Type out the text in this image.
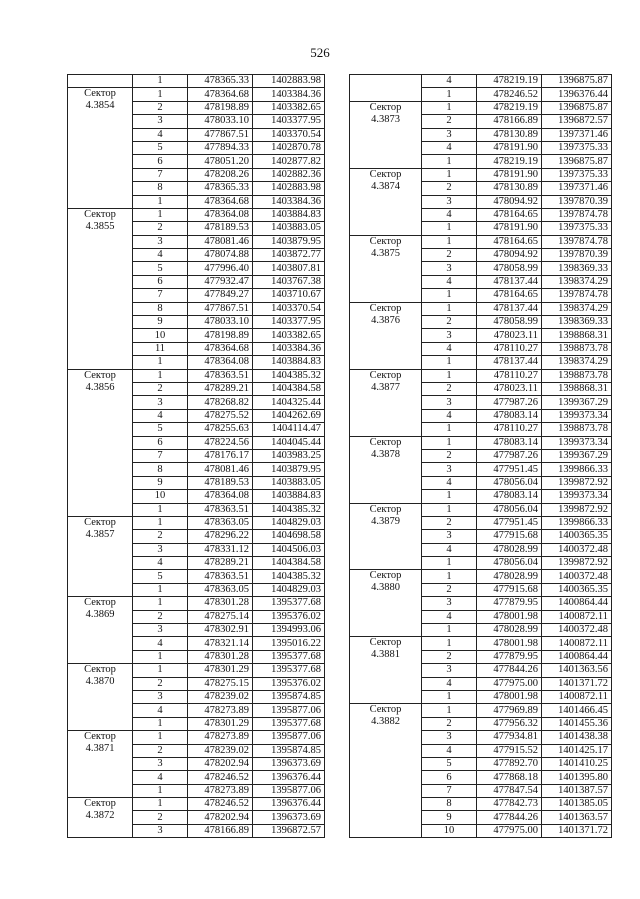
526
	1	478365.33	1402883.98

Сектор
4.3854	1	478364.68	1403384.36
	2	478198.89	1403382.65
	3	478033.10	1403377.95
	4	477867.51	1403370.54
	5	477894.33	1402870.78
	6	478051.20	1402877.82
	7	478208.26	1402882.36
	8	478365.33	1402883.98
	1	478364.68	1403384.36

Сектор
4.3855	1	478364.08	1403884.83
	2	478189.53	1403883.05
	3	478081.46	1403879.95
	4	478074.88	1403872.77
	5	477996.40	1403807.81
	6	477932.47	1403767.38
	7	477849.27	1403710.67
	8	477867.51	1403370.54
	9	478033.10	1403377.95
	10	478198.89	1403382.65
	11	478364.68	1403384.36
	1	478364.08	1403884.83

Сектор
4.3856	1	478363.51	1404385.32
	2	478289.21	1404384.58
	3	478268.82	1404325.44
	4	478275.52	1404262.69
	5	478255.63	1404114.47
	6	478224.56	1404045.44
	7	478176.17	1403983.25
	8	478081.46	1403879.95
	9	478189.53	1403883.05
	10	478364.08	1403884.83
	1	478363.51	1404385.32

Сектор
4.3857	1	478363.05	1404829.03
	2	478296.22	1404698.58
	3	478331.12	1404506.03
	4	478289.21	1404384.58
	5	478363.51	1404385.32
	1	478363.05	1404829.03

Сектор
4.3869	1	478301.28	1395377.68
	2	478275.14	1395376.02
	3	478302.91	1394993.06
	4	478321.14	1395016.22
	1	478301.28	1395377.68

Сектор
4.3870	1	478301.29	1395377.68
	2	478275.15	1395376.02
	3	478239.02	1395874.85
	4	478273.89	1395877.06
	1	478301.29	1395377.68

Сектор
4.3871	1	478273.89	1395877.06
	2	478239.02	1395874.85
	3	478202.94	1396373.69
	4	478246.52	1396376.44
	1	478273.89	1395877.06

Сектор
4.3872	1	478246.52	1396376.44
	2	478202.94	1396373.69
	3	478166.89	1396872.57
	4	478219.19	1396875.87
	1	478246.52	1396376.44

Сектор
4.3873	1	478219.19	1396875.87
	2	478166.89	1396872.57
	3	478130.89	1397371.46
	4	478191.90	1397375.33
	1	478219.19	1396875.87

Сектор
4.3874	1	478191.90	1397375.33
	2	478130.89	1397371.46
	3	478094.92	1397870.39
	4	478164.65	1397874.78
	1	478191.90	1397375.33

Сектор
4.3875	1	478164.65	1397874.78
	2	478094.92	1397870.39
	3	478058.99	1398369.33
	4	478137.44	1398374.29
	1	478164.65	1397874.78

Сектор
4.3876	1	478137.44	1398374.29
	2	478058.99	1398369.33
	3	478023.11	1398868.31
	4	478110.27	1398873.78
	1	478137.44	1398374.29

Сектор
4.3877	1	478110.27	1398873.78
	2	478023.11	1398868.31
	3	477987.26	1399367.29
	4	478083.14	1399373.34
	1	478110.27	1398873.78

Сектор
4.3878	1	478083.14	1399373.34
	2	477987.26	1399367.29
	3	477951.45	1399866.33
	4	478056.04	1399872.92
	1	478083.14	1399373.34

Сектор
4.3879	1	478056.04	1399872.92
	2	477951.45	1399866.33
	3	477915.68	1400365.35
	4	478028.99	1400372.48
	1	478056.04	1399872.92

Сектор
4.3880	1	478028.99	1400372.48
	2	477915.68	1400365.35
	3	477879.95	1400864.44
	4	478001.98	1400872.11
	1	478028.99	1400372.48

Сектор
4.3881	1	478001.98	1400872.11
	2	477879.95	1400864.44
	3	477844.26	1401363.56
	4	477975.00	1401371.72
	1	478001.98	1400872.11

Сектор
4.3882	1	477969.89	1401466.45
	2	477956.32	1401455.36
	3	477934.81	1401438.38
	4	477915.52	1401425.17
	5	477892.70	1401410.25
	6	477868.18	1401395.80
	7	477847.54	1401387.57
	8	477842.73	1401385.05
	9	477844.26	1401363.57
	10	477975.00	1401371.72
